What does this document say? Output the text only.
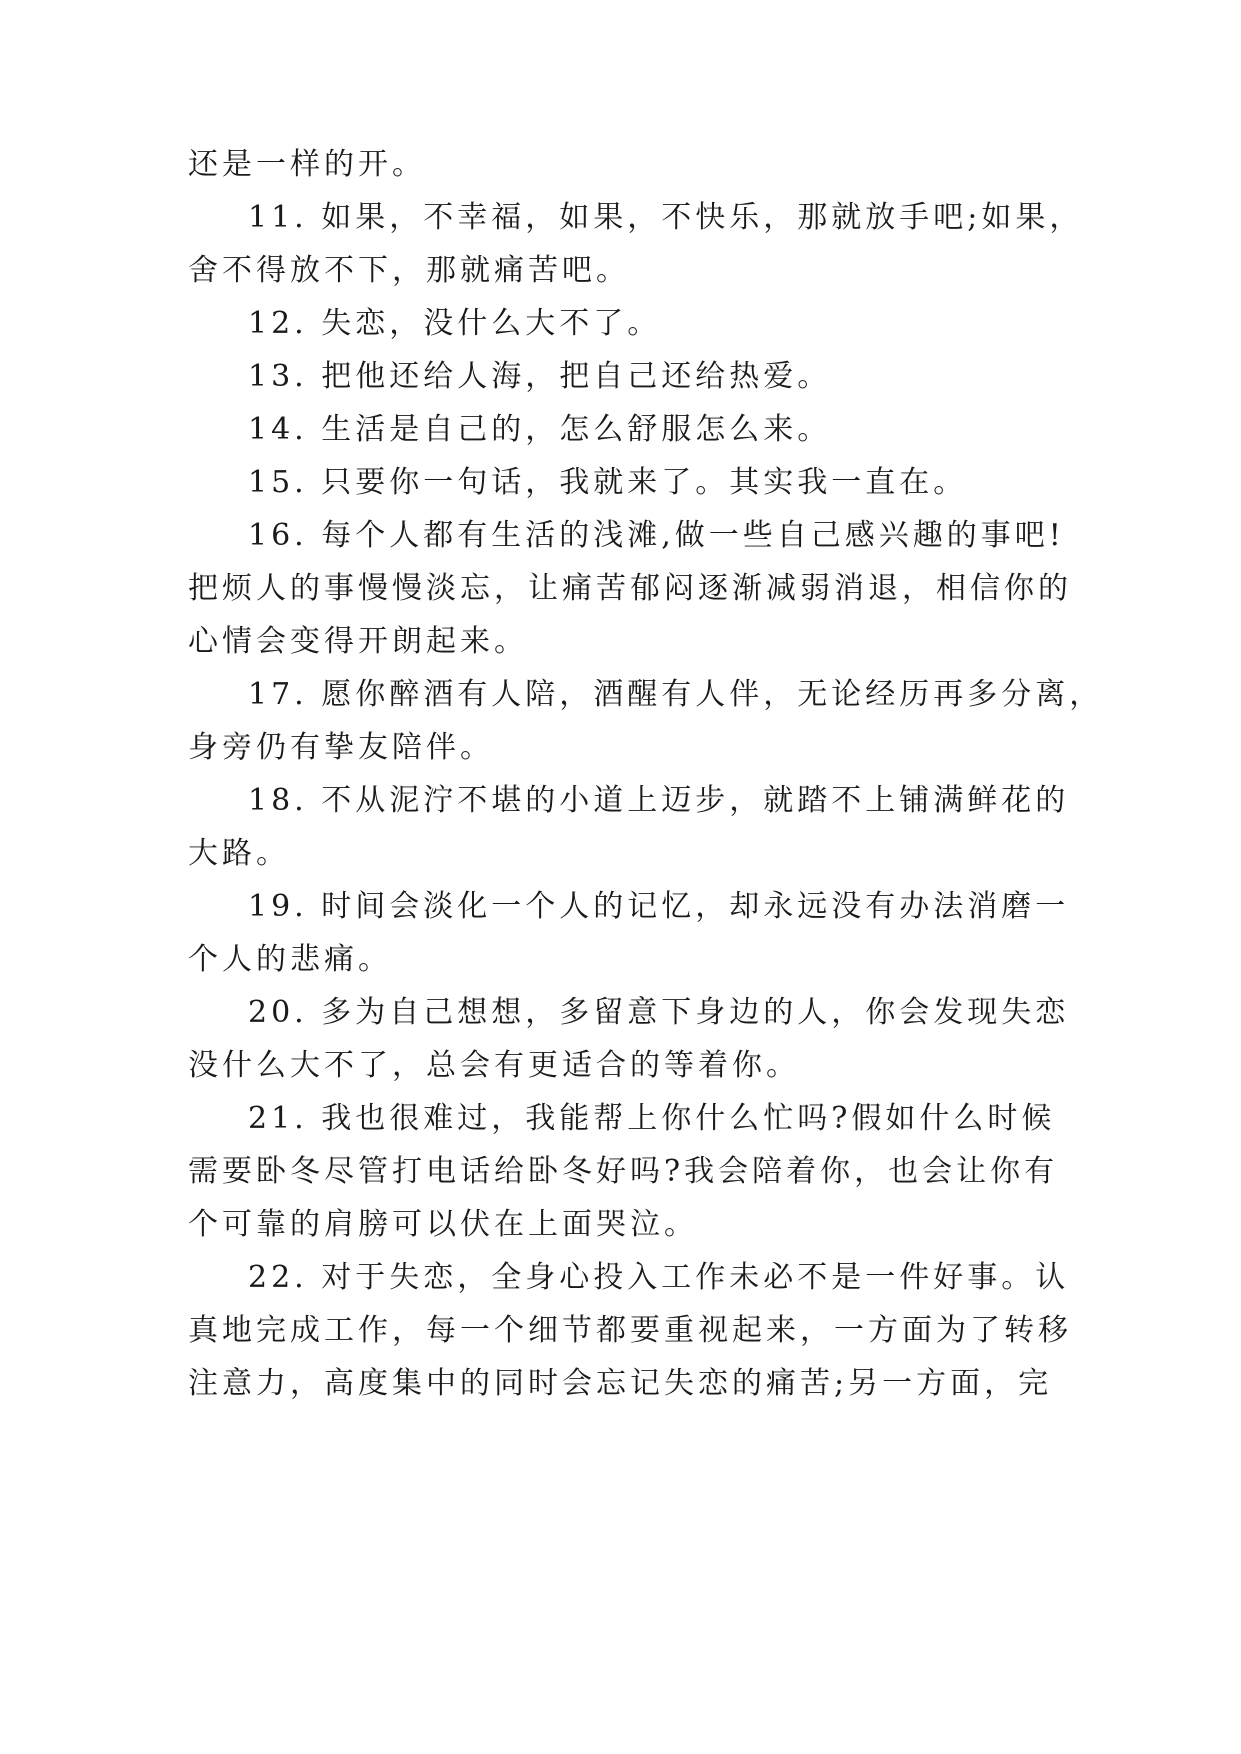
还是一样的开。

11. 如果，不幸福，如果，不快乐，那就放手吧;如果，

舍不得放不下，那就痛苦吧。

12. 失恋，没什么大不了。

13. 把他还给人海，把自己还给热爱。

14. 生活是自己的，怎么舒服怎么来。

15. 只要你一句话，我就来了。其实我一直在。

16. 每个人都有生活的浅滩,做一些自己感兴趣的事吧!

把烦人的事慢慢淡忘，让痛苦郁闷逐渐减弱消退，相信你的

心情会变得开朗起来。

17. 愿你醉酒有人陪，酒醒有人伴，无论经历再多分离，

身旁仍有挚友陪伴。

18. 不从泥泞不堪的小道上迈步，就踏不上铺满鲜花的

大路。

19. 时间会淡化一个人的记忆，却永远没有办法消磨一

个人的悲痛。

20. 多为自己想想，多留意下身边的人，你会发现失恋

没什么大不了，总会有更适合的等着你。

21. 我也很难过，我能帮上你什么忙吗?假如什么时候

需要卧冬尽管打电话给卧冬好吗?我会陪着你，也会让你有

个可靠的肩膀可以伏在上面哭泣。

22. 对于失恋，全身心投入工作未必不是一件好事。认

真地完成工作，每一个细节都要重视起来，一方面为了转移

注意力，高度集中的同时会忘记失恋的痛苦;另一方面，完
